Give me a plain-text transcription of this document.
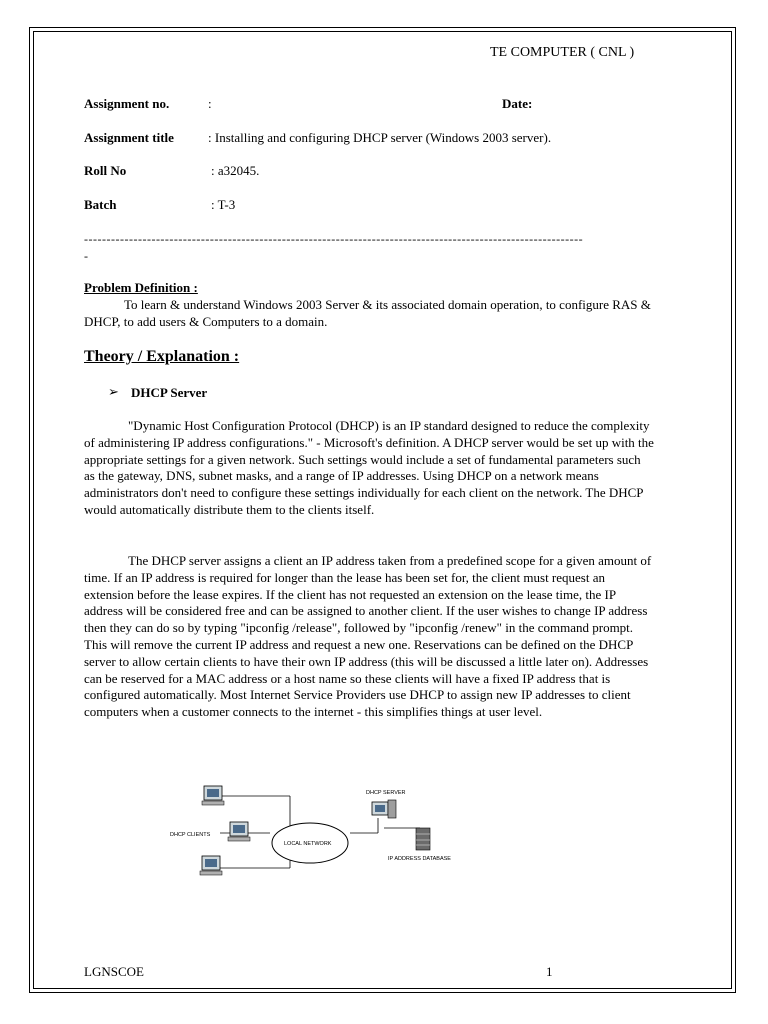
TE COMPUTER ( CNL )
Assignment no.	:	Date:
Assignment title	: Installing and configuring DHCP server (Windows 2003 server).
Roll No	: a32045.
Batch	: T-3
---------------------------------------------------------------------------------------------------------------
-
Problem Definition :
To learn & understand Windows 2003 Server & its associated domain operation, to configure RAS & DHCP, to add users & Computers to a domain.
Theory / Explanation :
➢ DHCP Server
"Dynamic Host Configuration Protocol (DHCP) is an IP standard designed to reduce the complexity of administering IP address configurations." - Microsoft's definition. A DHCP server would be set up with the appropriate settings for a given network. Such settings would include a set of fundamental parameters such as the gateway, DNS, subnet masks, and a range of IP addresses. Using DHCP on a network means administrators don't need to configure these settings individually for each client on the network. The DHCP would automatically distribute them to the clients itself.
The DHCP server assigns a client an IP address taken from a predefined scope for a given amount of time. If an IP address is required for longer than the lease has been set for, the client must request an extension before the lease expires. If the client has not requested an extension on the lease time, the IP address will be considered free and can be assigned to another client. If the user wishes to change IP address then they can do so by typing "ipconfig /release", followed by "ipconfig /renew" in the command prompt. This will remove the current IP address and request a new one. Reservations can be defined on the DHCP server to allow certain clients to have their own IP address (this will be discussed a little later on). Addresses can be reserved for a MAC address or a host name so these clients will have a fixed IP address that is configured automatically. Most Internet Service Providers use DHCP to assign new IP addresses to client computers when a customer connects to the internet - this simplifies things at user level.
DHCP CLIENTS
LOCAL NETWORK
DHCP SERVER
IP ADDRESS DATABASE
LGNSCOE	1
